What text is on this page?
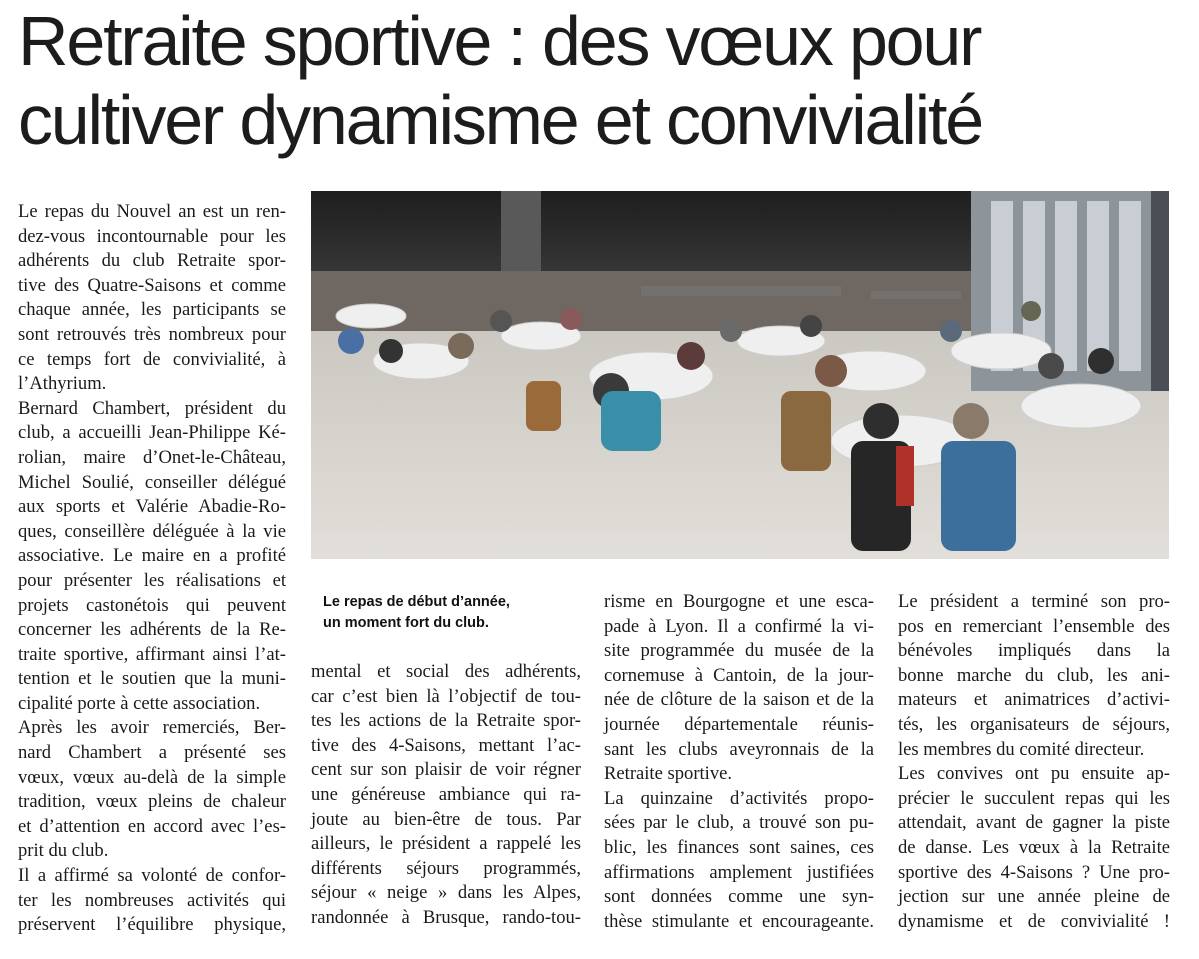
Retraite sportive : des vœux pour
cultiver dynamisme et convivialité

Le repas du Nouvel an est un ren-

dez-vous incontournable pour les

adhérents du club Retraite spor-

tive des Quatre-Saisons et comme

chaque année, les participants se

sont retrouvés très nombreux pour

ce temps fort de convivialité, à

l’Athyrium.

Bernard Chambert, président du

club, a accueilli Jean-Philippe Ké-

rolian, maire d’Onet-le-Château,

Michel Soulié, conseiller délégué

aux sports et Valérie Abadie-Ro-

ques, conseillère déléguée à la vie

associative. Le maire en a profité

pour présenter les réalisations et

projets castonétois qui peuvent

concerner les adhérents de la Re-

traite sportive, affirmant ainsi l’at-

tention et le soutien que la muni-

cipalité porte à cette association.

Après les avoir remerciés, Ber-

nard Chambert a présenté ses

vœux, vœux au-delà de la simple

tradition, vœux pleins de chaleur

et d’attention en accord avec l’es-

prit du club.

Il a affirmé sa volonté de confor-

ter les nombreuses activités qui

préservent l’équilibre physique,

Le repas de début d’année,
un moment fort du club.

mental et social des adhérents,

car c’est bien là l’objectif de tou-

tes les actions de la Retraite spor-

tive des 4-Saisons, mettant l’ac-

cent sur son plaisir de voir régner

une généreuse ambiance qui ra-

joute au bien-être de tous. Par

ailleurs, le président a rappelé les

différents séjours programmés,

séjour « neige » dans les Alpes,

randonnée à Brusque, rando-tou-

risme en Bourgogne et une esca-

pade à Lyon. Il a confirmé la vi-

site programmée du musée de la

cornemuse à Cantoin, de la jour-

née de clôture de la saison et de la

journée départementale réunis-

sant les clubs aveyronnais de la

Retraite sportive.

La quinzaine d’activités propo-

sées par le club, a trouvé son pu-

blic, les finances sont saines, ces

affirmations amplement justifiées

sont données comme une syn-

thèse stimulante et encourageante.

Le président a terminé son pro-

pos en remerciant l’ensemble des

bénévoles impliqués dans la

bonne marche du club, les ani-

mateurs et animatrices d’activi-

tés, les organisateurs de séjours,

les membres du comité directeur.

Les convives ont pu ensuite ap-

précier le succulent repas qui les

attendait, avant de gagner la piste

de danse. Les vœux à la Retraite

sportive des 4-Saisons ? Une pro-

jection sur une année pleine de

dynamisme et de convivialité !
